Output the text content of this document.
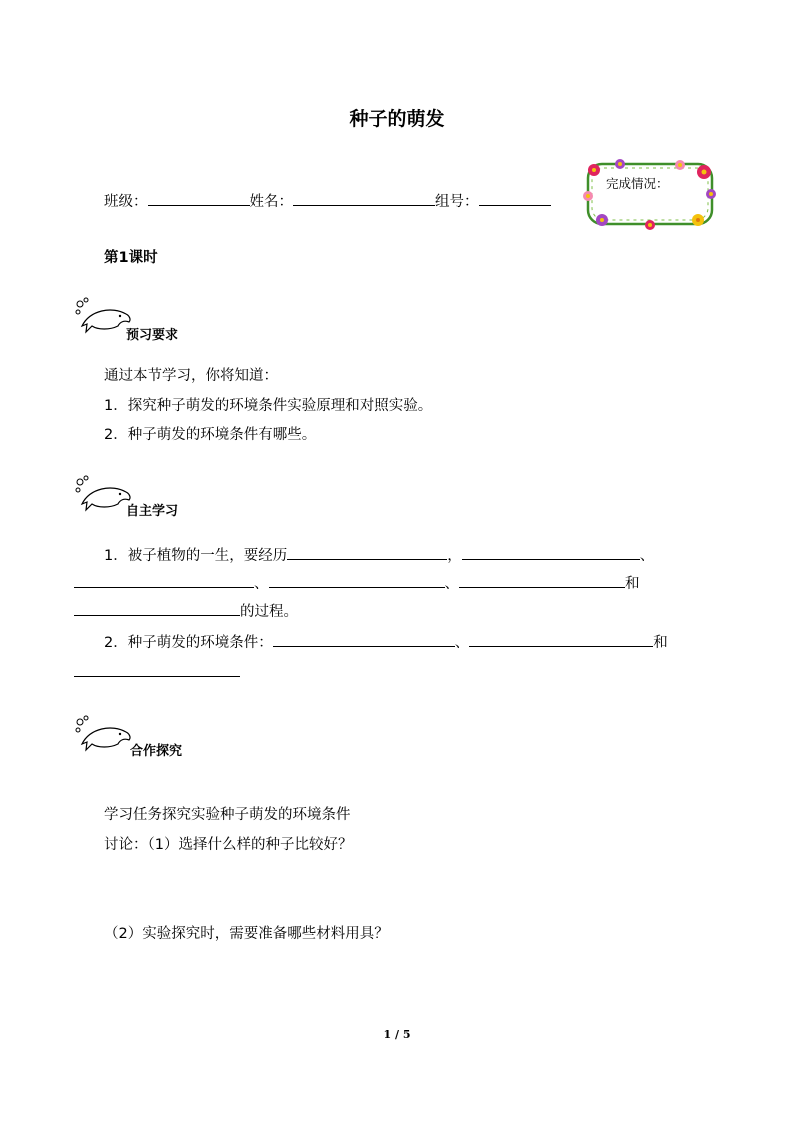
种子的萌发
班级：	姓名：	组号：
完成情况：
第1课时
预习要求
通过本节学习，你将知道：
1．探究种子萌发的环境条件实验原理和对照实验。
2．种子萌发的环境条件有哪些。
自主学习
1．被子植物的一生，要经历	，	、
、	、	和
的过程。
2．种子萌发的环境条件：	、	和
合作探究
学习任务探究实验种子萌发的环境条件
讨论：（1）选择什么样的种子比较好？
（2）实验探究时，需要准备哪些材料用具？
1 / 5
